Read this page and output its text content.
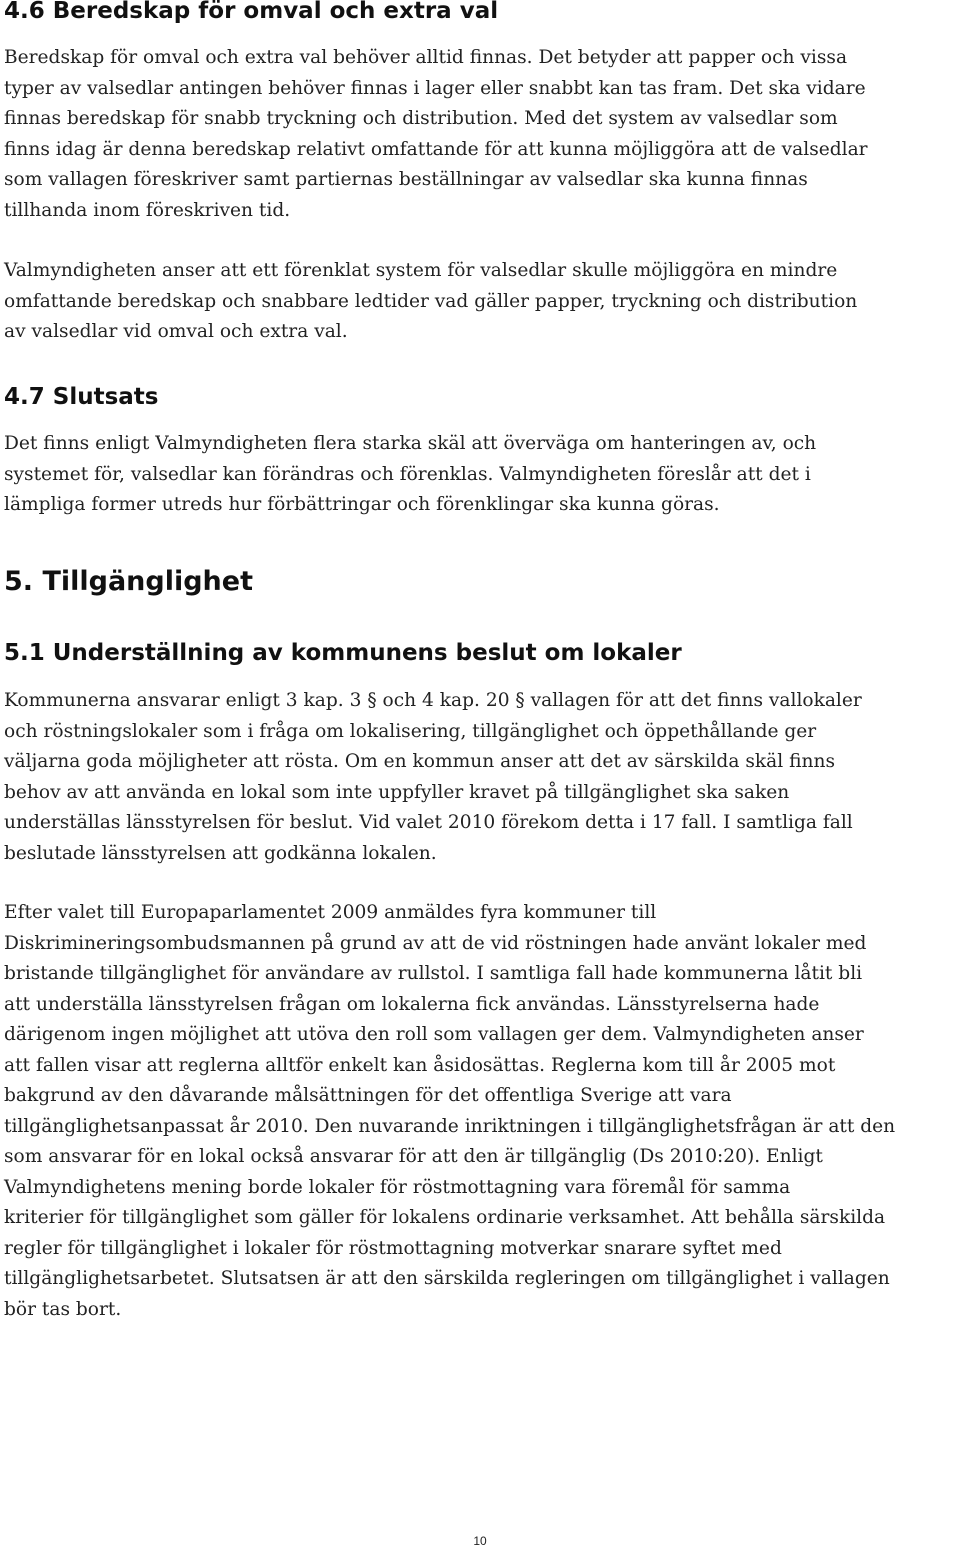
4.6 Beredskap för omval och extra val

Beredskap för omval och extra val behöver alltid finnas. Det betyder att papper och vissa
typer av valsedlar antingen behöver finnas i lager eller snabbt kan tas fram. Det ska vidare
finnas beredskap för snabb tryckning och distribution. Med det system av valsedlar som
finns idag är denna beredskap relativt omfattande för att kunna möjliggöra att de valsedlar
som vallagen föreskriver samt partiernas beställningar av valsedlar ska kunna finnas
tillhanda inom föreskriven tid.

Valmyndigheten anser att ett förenklat system för valsedlar skulle möjliggöra en mindre
omfattande beredskap och snabbare ledtider vad gäller papper, tryckning och distribution
av valsedlar vid omval och extra val.

4.7 Slutsats

Det finns enligt Valmyndigheten flera starka skäl att överväga om hanteringen av, och
systemet för, valsedlar kan förändras och förenklas. Valmyndigheten föreslår att det i
lämpliga former utreds hur förbättringar och förenklingar ska kunna göras.

5. Tillgänglighet
5.1 Underställning av kommunens beslut om lokaler

Kommunerna ansvarar enligt 3 kap. 3 § och 4 kap. 20 § vallagen för att det finns vallokaler
och röstningslokaler som i fråga om lokalisering, tillgänglighet och öppethållande ger
väljarna goda möjligheter att rösta. Om en kommun anser att det av särskilda skäl finns
behov av att använda en lokal som inte uppfyller kravet på tillgänglighet ska saken
underställas länsstyrelsen för beslut. Vid valet 2010 förekom detta i 17 fall. I samtliga fall
beslutade länsstyrelsen att godkänna lokalen.

Efter valet till Europaparlamentet 2009 anmäldes fyra kommuner till
Diskrimineringsombudsmannen på grund av att de vid röstningen hade använt lokaler med
bristande tillgänglighet för användare av rullstol. I samtliga fall hade kommunerna låtit bli
att underställa länsstyrelsen frågan om lokalerna fick användas. Länsstyrelserna hade
därigenom ingen möjlighet att utöva den roll som vallagen ger dem. Valmyndigheten anser
att fallen visar att reglerna alltför enkelt kan åsidosättas. Reglerna kom till år 2005 mot
bakgrund av den dåvarande målsättningen för det offentliga Sverige att vara
tillgänglighetsanpassat år 2010. Den nuvarande inriktningen i tillgänglighetsfrågan är att den
som ansvarar för en lokal också ansvarar för att den är tillgänglig (Ds 2010:20). Enligt
Valmyndighetens mening borde lokaler för röstmottagning vara föremål för samma
kriterier för tillgänglighet som gäller för lokalens ordinarie verksamhet. Att behålla särskilda
regler för tillgänglighet i lokaler för röstmottagning motverkar snarare syftet med
tillgänglighetsarbetet. Slutsatsen är att den särskilda regleringen om tillgänglighet i vallagen
bör tas bort.

10
